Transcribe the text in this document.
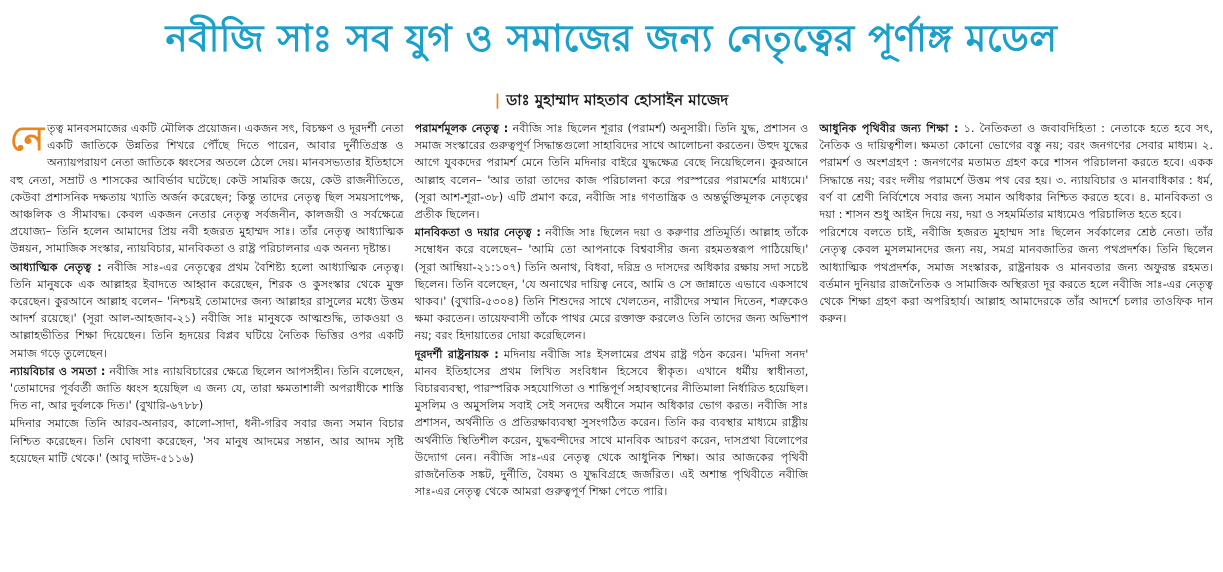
নবীজি সাঃ সব যুগ ও সমাজের জন্য নেতৃত্বের পূর্ণাঙ্গ মডেল
| ডাঃ মুহাম্মাদ মাহতাব হোসাইন মাজেদ

নেতৃত্ব মানবসমাজের একটি মৌলিক প্রয়োজন। একজন সৎ, বিচক্ষণ ও দূরদর্শী নেতা একটি জাতিকে উন্নতির শিখরে পৌঁছে দিতে পারেন, আবার দুর্নীতিগ্রস্ত ও অন্যায়পরায়ণ নেতা জাতিকে ধ্বংসের অতলে ঠেলে দেয়। মানবসভ্যতার ইতিহাসে বহু নেতা, সম্রাট ও শাসকের আবির্ভাব ঘটেছে। কেউ সামরিক জয়ে, কেউ রাজনীতিতে, কেউবা প্রশাসনিক দক্ষতায় খ্যাতি অর্জন করেছেন; কিন্তু তাদের নেতৃত্ব ছিল সময়সাপেক্ষ, আঞ্চলিক ও সীমাবদ্ধ। কেবল একজন নেতার নেতৃত্ব সর্বজনীন, কালজয়ী ও সর্বক্ষেত্রে প্রযোজ্য– তিনি হলেন আমাদের প্রিয় নবী হজরত মুহাম্মদ সাঃ। তাঁর নেতৃত্ব আধ্যাত্মিক উন্নয়ন, সামাজিক সংস্কার, ন্যায়বিচার, মানবিকতা ও রাষ্ট্র পরিচালনার এক অনন্য দৃষ্টান্ত।

আধ্যাত্মিক নেতৃত্ব : নবীজি সাঃ-এর নেতৃত্বের প্রথম বৈশিষ্ট্য হলো আধ্যাত্মিক নেতৃত্ব। তিনি মানুষকে এক আল্লাহর ইবাদতে আহ্বান করেছেন, শিরক ও কুসংস্কার থেকে মুক্ত করেছেন। কুরআনে আল্লাহ বলেন– 'নিশ্চয়ই তোমাদের জন্য আল্লাহর রাসুলের মধ্যে উত্তম আদর্শ রয়েছে।' (সূরা আল-আহজাব-২১) নবীজি সাঃ মানুষকে আত্মশুদ্ধি, তাকওয়া ও আল্লাহভীতির শিক্ষা দিয়েছেন। তিনি হৃদয়ের বিপ্লব ঘটিয়ে নৈতিক ভিত্তির ওপর একটি সমাজ গড়ে তুলেছেন।

ন্যায়বিচার ও সমতা : নবীজি সাঃ ন্যায়বিচারের ক্ষেত্রে ছিলেন আপসহীন। তিনি বলেছেন, 'তোমাদের পূর্ববর্তী জাতি ধ্বংস হয়েছিল এ জন্য যে, তারা ক্ষমতাশালী অপরাধীকে শাস্তি দিত না, আর দুর্বলকে দিত।' (বুখারি-৬৭৮৮)

মদিনার সমাজে তিনি আরব-অনারব, কালো-সাদা, ধনী-গরিব সবার জন্য সমান বিচার নিশ্চিত করেছেন। তিনি ঘোষণা করেছেন, 'সব মানুষ আদমের সন্তান, আর আদম সৃষ্টি হয়েছেন মাটি থেকে।' (আবু দাউদ-৫১১৬)

পরামর্শমূলক নেতৃত্ব : নবীজি সাঃ ছিলেন শূরার (পরামর্শ) অনুসারী। তিনি যুদ্ধ, প্রশাসন ও সমাজ সংস্কারের গুরুত্বপূর্ণ সিদ্ধান্তগুলো সাহাবিদের সাথে আলোচনা করতেন। উহুদ যুদ্ধের আগে যুবকদের পরামর্শ মেনে তিনি মদিনার বাইরে যুদ্ধক্ষেত্র বেছে নিয়েছিলেন। কুরআনে আল্লাহ বলেন– 'আর তারা তাদের কাজ পরিচালনা করে পরস্পরের পরামর্শের মাধ্যমে।' (সূরা আশ-শূরা-৩৮) এটি প্রমাণ করে, নবীজি সাঃ গণতান্ত্রিক ও অন্তর্ভুক্তিমূলক নেতৃত্বের প্রতীক ছিলেন।

মানবিকতা ও দয়ার নেতৃত্ব : নবীজি সাঃ ছিলেন দয়া ও করুণার প্রতিমূর্তি। আল্লাহ তাঁকে সম্বোধন করে বলেছেন– 'আমি তো আপনাকে বিশ্ববাসীর জন্য রহমতস্বরূপ পাঠিয়েছি।' (সূরা আম্বিয়া-২১:১০৭) তিনি অনাথ, বিধবা, দরিদ্র ও দাসদের অধিকার রক্ষায় সদা সচেষ্ট ছিলেন। তিনি বলেছেন, 'যে অনাথের দায়িত্ব নেবে, আমি ও সে জান্নাতে এভাবে একসাথে থাকব।' (বুখারি-৫৩০৪) তিনি শিশুদের সাথে খেলতেন, নারীদের সম্মান দিতেন, শত্রুকেও ক্ষমা করতেন। তায়েফবাসী তাঁকে পাথর মেরে রক্তাক্ত করলেও তিনি তাদের জন্য অভিশাপ নয়; বরং হিদায়াতের দোয়া করেছিলেন।

দূরদর্শী রাষ্ট্রনায়ক : মদিনায় নবীজি সাঃ ইসলামের প্রথম রাষ্ট্র গঠন করেন। 'মদিনা সনদ' মানব ইতিহাসের প্রথম লিখিত সংবিধান হিসেবে স্বীকৃত। এখানে ধর্মীয় স্বাধীনতা, বিচারব্যবস্থা, পারস্পরিক সহযোগিতা ও শান্তিপূর্ণ সহাবস্থানের নীতিমালা নির্ধারিত হয়েছিল। মুসলিম ও অমুসলিম সবাই সেই সনদের অধীনে সমান অধিকার ভোগ করত। নবীজি সাঃ প্রশাসন, অর্থনীতি ও প্রতিরক্ষাব্যবস্থা সুসংগঠিত করেন। তিনি কর ব্যবস্থার মাধ্যমে রাষ্ট্রীয় অর্থনীতি স্থিতিশীল করেন, যুদ্ধবন্দীদের সাথে মানবিক আচরণ করেন, দাসপ্রথা বিলোপের উদ্যোগ নেন। নবীজি সাঃ-এর নেতৃত্ব থেকে আধুনিক শিক্ষা। আর আজকের পৃথিবী রাজনৈতিক সঙ্কট, দুর্নীতি, বৈষম্য ও যুদ্ধবিগ্রহে জর্জরিত। এই অশান্ত পৃথিবীতে নবীজি সাঃ-এর নেতৃত্ব থেকে আমরা গুরুত্বপূর্ণ শিক্ষা পেতে পারি।

আধুনিক পৃথিবীর জন্য শিক্ষা : ১. নৈতিকতা ও জবাবদিহিতা : নেতাকে হতে হবে সৎ, নৈতিক ও দায়িত্বশীল। ক্ষমতা কোনো ভোগের বস্তু নয়; বরং জনগণের সেবার মাধ্যম। ২. পরামর্শ ও অংশগ্রহণ : জনগণের মতামত গ্রহণ করে শাসন পরিচালনা করতে হবে। একক সিদ্ধান্তে নয়; বরং দলীয় পরামর্শে উত্তম পথ বের হয়। ৩. ন্যায়বিচার ও মানবাধিকার : ধর্ম, বর্ণ বা শ্রেণী নির্বিশেষে সবার জন্য সমান অধিকার নিশ্চিত করতে হবে। ৪. মানবিকতা ও দয়া : শাসন শুধু আইন দিয়ে নয়, দয়া ও সহমর্মিতার মাধ্যমেও পরিচালিত হতে হবে।

পরিশেষে বলতে চাই, নবীজি হজরত মুহাম্মদ সাঃ ছিলেন সর্বকালের শ্রেষ্ঠ নেতা। তাঁর নেতৃত্ব কেবল মুসলমানদের জন্য নয়, সমগ্র মানবজাতির জন্য পথপ্রদর্শক। তিনি ছিলেন আধ্যাত্মিক পথপ্রদর্শক, সমাজ সংস্কারক, রাষ্ট্রনায়ক ও মানবতার জন্য অফুরন্ত রহমত। বর্তমান দুনিয়ার রাজনৈতিক ও সামাজিক অস্থিরতা দূর করতে হলে নবীজি সাঃ-এর নেতৃত্ব থেকে শিক্ষা গ্রহণ করা অপরিহার্য। আল্লাহ আমাদেরকে তাঁর আদর্শে চলার তাওফিক দান করুন।
